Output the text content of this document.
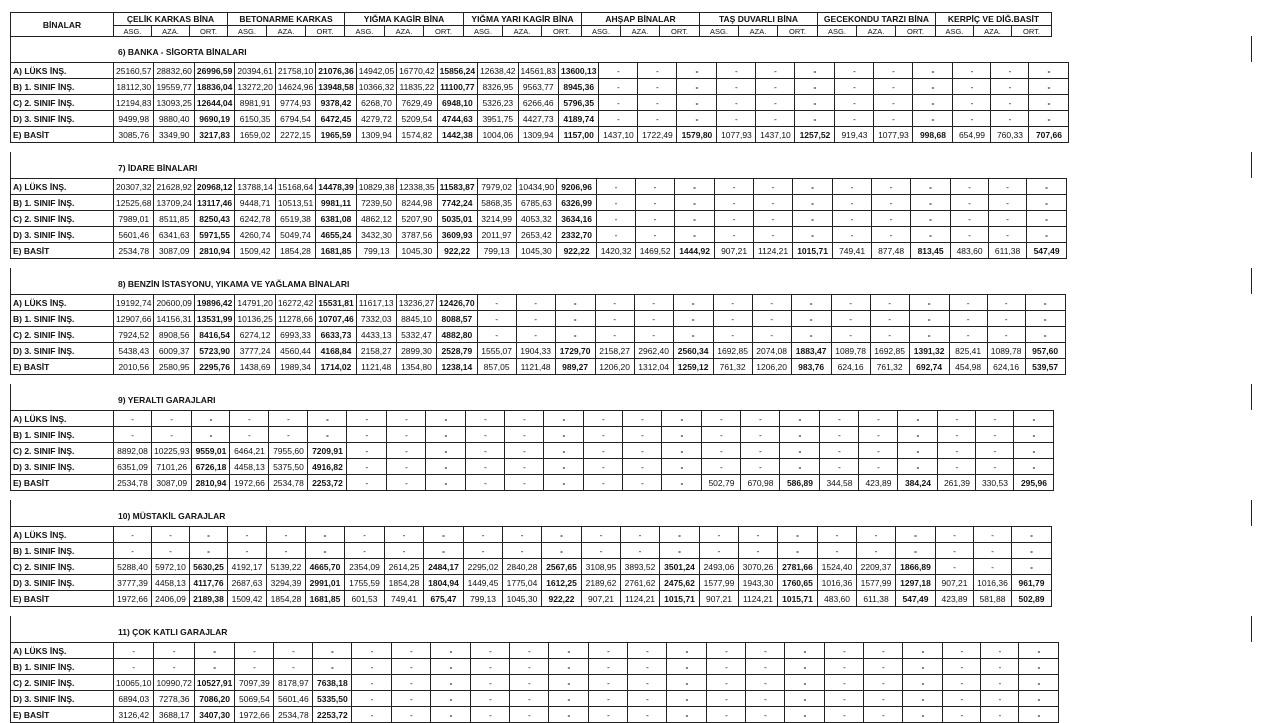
BİNALAR	ÇELİK KARKAS BİNA			BETONARME KARKAS			YIĞMA KAGİR BİNA			YIĞMA YARI KAGİR BİNA			AHŞAP BİNALAR			TAŞ DUVARLI BİNA			GECEKONDU TARZI BİNA			KERPİÇ VE DİĞ.BASİT		
	ASG.	AZA.	ORT.	ASG.	AZA.	ORT.	ASG.	AZA.	ORT.	ASG.	AZA.	ORT.	ASG.	AZA.	ORT.	ASG.	AZA.	ORT.	ASG.	AZA.	ORT.	ASG.	AZA.	ORT.
6) BANKA - SİGORTA BİNALARI
A) LÜKS İNŞ.	25160,57	28832,60	26996,59	20394,61	21758,10	21076,36	14942,05	16770,42	15856,24	12638,42	14561,83	13600,13	-	-	-	-	-	-	-	-	-	-	-	-
B) 1. SINIF İNŞ.	18112,30	19559,77	18836,04	13272,20	14624,96	13948,58	10366,32	11835,22	11100,77	8326,95	9563,77	8945,36	-	-	-	-	-	-	-	-	-	-	-	-
C) 2. SINIF İNŞ.	12194,83	13093,25	12644,04	8981,91	9774,93	9378,42	6268,70	7629,49	6948,10	5326,23	6266,46	5796,35	-	-	-	-	-	-	-	-	-	-	-	-
D) 3. SINIF İNŞ.	9499,98	9880,40	9690,19	6150,35	6794,54	6472,45	4279,72	5209,54	4744,63	3951,75	4427,73	4189,74	-	-	-	-	-	-	-	-	-	-	-	-
E) BASİT	3085,76	3349,90	3217,83	1659,02	2272,15	1965,59	1309,94	1574,82	1442,38	1004,06	1309,94	1157,00	1437,10	1722,49	1579,80	1077,93	1437,10	1257,52	919,43	1077,93	998,68	654,99	760,33	707,66
7) İDARE BİNALARI
A) LÜKS İNŞ.	20307,32	21628,92	20968,12	13788,14	15168,64	14478,39	10829,38	12338,35	11583,87	7979,02	10434,90	9206,96	-	-	-	-	-	-	-	-	-	-	-	-
B) 1. SINIF İNŞ.	12525,68	13709,24	13117,46	9448,71	10513,51	9981,11	7239,50	8244,98	7742,24	5868,35	6785,63	6326,99	-	-	-	-	-	-	-	-	-	-	-	-
C) 2. SINIF İNŞ.	7989,01	8511,85	8250,43	6242,78	6519,38	6381,08	4862,12	5207,90	5035,01	3214,99	4053,32	3634,16	-	-	-	-	-	-	-	-	-	-	-	-
D) 3. SINIF İNŞ.	5601,46	6341,63	5971,55	4260,74	5049,74	4655,24	3432,30	3787,56	3609,93	2011,97	2653,42	2332,70	-	-	-	-	-	-	-	-	-	-	-	-
E) BASİT	2534,78	3087,09	2810,94	1509,42	1854,28	1681,85	799,13	1045,30	922,22	799,13	1045,30	922,22	1420,32	1469,52	1444,92	907,21	1124,21	1015,71	749,41	877,48	813,45	483,60	611,38	547,49
8) BENZİN İSTASYONU, YIKAMA VE YAĞLAMA BİNALARI
A) LÜKS İNŞ.	19192,74	20600,09	19896,42	14791,20	16272,42	15531,81	11617,13	13236,27	12426,70	-	-	-	-	-	-	-	-	-	-	-	-	-	-	-
B) 1. SINIF İNŞ.	12907,66	14156,31	13531,99	10136,25	11278,66	10707,46	7332,03	8845,10	8088,57	-	-	-	-	-	-	-	-	-	-	-	-	-	-	-
C) 2. SINIF İNŞ.	7924,52	8908,56	8416,54	6274,12	6993,33	6633,73	4433,13	5332,47	4882,80	-	-	-	-	-	-	-	-	-	-	-	-	-	-	-
D) 3. SINIF İNŞ.	5438,43	6009,37	5723,90	3777,24	4560,44	4168,84	2158,27	2899,30	2528,79	1555,07	1904,33	1729,70	2158,27	2962,40	2560,34	1692,85	2074,08	1883,47	1089,78	1692,85	1391,32	825,41	1089,78	957,60
E) BASİT	2010,56	2580,95	2295,76	1438,69	1989,34	1714,02	1121,48	1354,80	1238,14	857,05	1121,48	989,27	1206,20	1312,04	1259,12	761,32	1206,20	983,76	624,16	761,32	692,74	454,98	624,16	539,57
9) YERALTI GARAJLARI
A) LÜKS İNŞ.	-	-	-	-	-	-	-	-	-	-	-	-	-	-	-	-	-	-	-	-	-	-	-	-
B) 1. SINIF İNŞ.	-	-	-	-	-	-	-	-	-	-	-	-	-	-	-	-	-	-	-	-	-	-	-	-
C) 2. SINIF İNŞ.	8892,08	10225,93	9559,01	6464,21	7955,60	7209,91	-	-	-	-	-	-	-	-	-	-	-	-	-	-	-	-	-	-
D) 3. SINIF İNŞ.	6351,09	7101,26	6726,18	4458,13	5375,50	4916,82	-	-	-	-	-	-	-	-	-	-	-	-	-	-	-	-	-	-
E) BASİT	2534,78	3087,09	2810,94	1972,66	2534,78	2253,72	-	-	-	-	-	-	-	-	-	502,79	670,98	586,89	344,58	423,89	384,24	261,39	330,53	295,96
10) MÜSTAKİL GARAJLAR
A) LÜKS İNŞ.	-	-	-	-	-	-	-	-	-	-	-	-	-	-	-	-	-	-	-	-	-	-	-	-
B) 1. SINIF İNŞ.	-	-	-	-	-	-	-	-	-	-	-	-	-	-	-	-	-	-	-	-	-	-	-	-
C) 2. SINIF İNŞ.	5288,40	5972,10	5630,25	4192,17	5139,22	4665,70	2354,09	2614,25	2484,17	2295,02	2840,28	2567,65	3108,95	3893,52	3501,24	2493,06	3070,26	2781,66	1524,40	2209,37	1866,89	-	-	-
D) 3. SINIF İNŞ.	3777,39	4458,13	4117,76	2687,63	3294,39	2991,01	1755,59	1854,28	1804,94	1449,45	1775,04	1612,25	2189,62	2761,62	2475,62	1577,99	1943,30	1760,65	1016,36	1577,99	1297,18	907,21	1016,36	961,79
E) BASİT	1972,66	2406,09	2189,38	1509,42	1854,28	1681,85	601,53	749,41	675,47	799,13	1045,30	922,22	907,21	1124,21	1015,71	907,21	1124,21	1015,71	483,60	611,38	547,49	423,89	581,88	502,89
11) ÇOK KATLI GARAJLAR
A) LÜKS İNŞ.	-	-	-	-	-	-	-	-	-	-	-	-	-	-	-	-	-	-	-	-	-	-	-	-
B) 1. SINIF İNŞ.	-	-	-	-	-	-	-	-	-	-	-	-	-	-	-	-	-	-	-	-	-	-	-	-
C) 2. SINIF İNŞ.	10065,10	10990,72	10527,91	7097,39	8178,97	7638,18	-	-	-	-	-	-	-	-	-	-	-	-	-	-	-	-	-	-
D) 3. SINIF İNŞ.	6894,03	7278,36	7086,20	5069,54	5601,46	5335,50	-	-	-	-	-	-	-	-	-	-	-	-	-	-	-	-	-	-
E) BASİT	3126,42	3688,17	3407,30	1972,66	2534,78	2253,72	-	-	-	-	-	-	-	-	-	-	-	-	-	-	-	-	-	-
